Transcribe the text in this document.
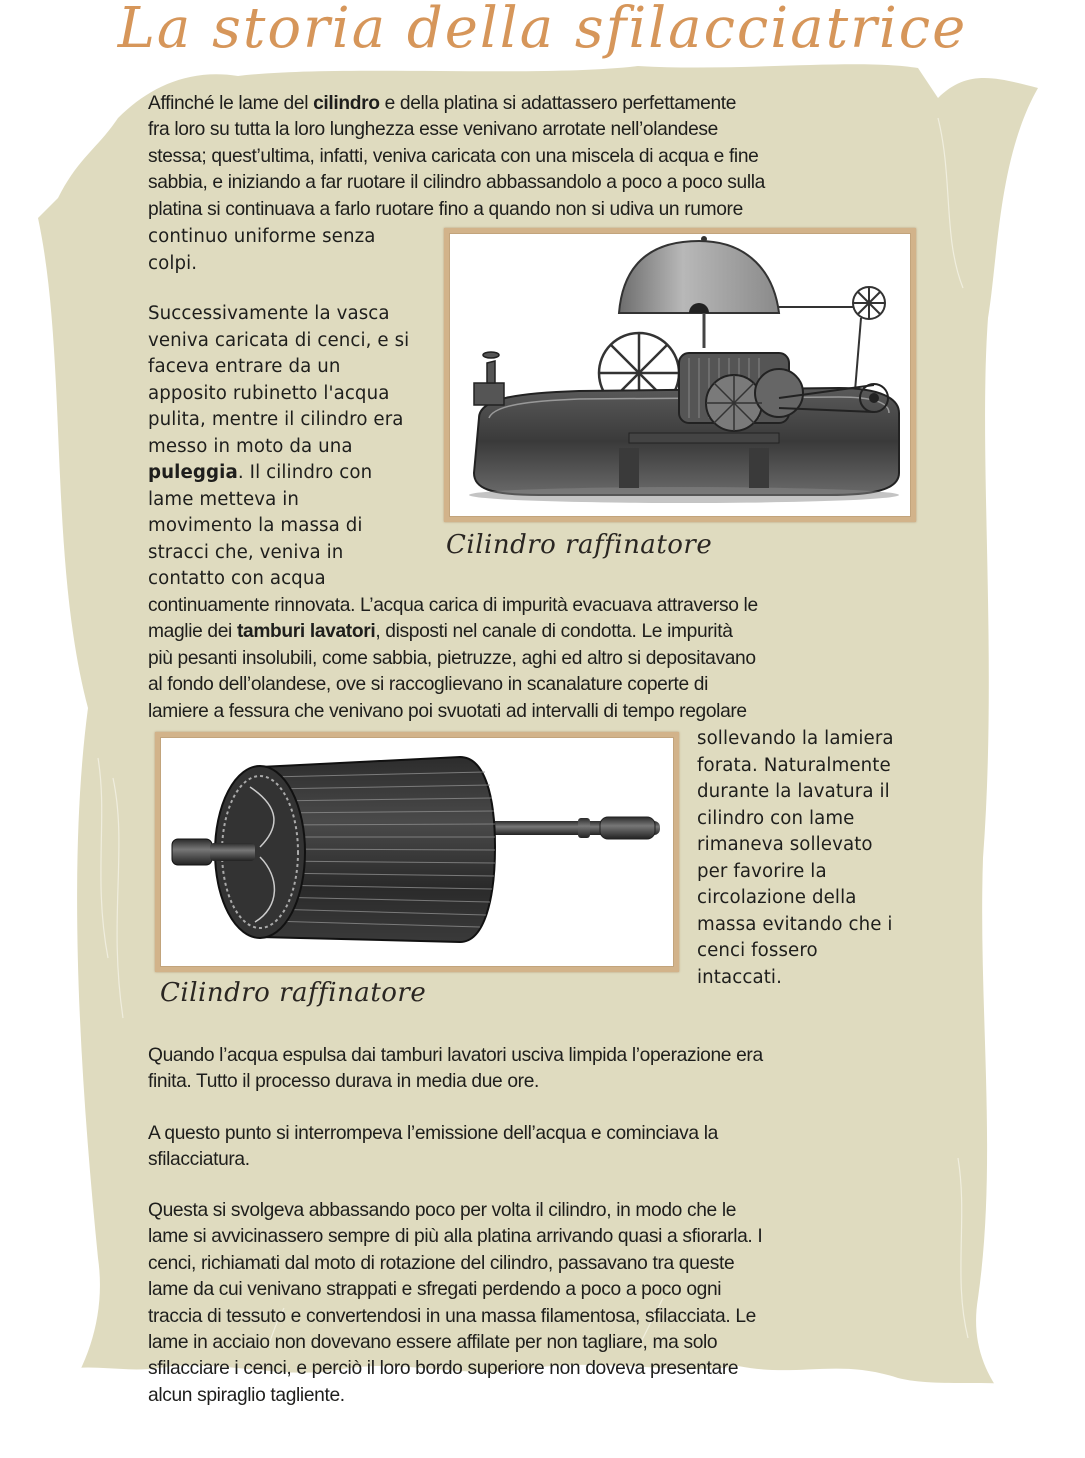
La storia della sfilacciatrice
Affinché le lame del cilindro e della platina si adattassero perfettamente
fra loro su tutta la loro lunghezza esse venivano arrotate nell’olandese
stessa; quest’ultima, infatti, veniva caricata con una miscela di acqua e fine
sabbia, e iniziando a far ruotare il cilindro abbassandolo a poco a poco sulla
platina si continuava a farlo ruotare fino a quando non si udiva un rumore
continuo uniforme senza
colpi.
Successivamente la vasca
veniva caricata di cenci, e si
faceva entrare da un
apposito rubinetto l'acqua
pulita, mentre il cilindro era
messo in moto da una
puleggia. Il cilindro con
lame metteva in
movimento la massa di
stracci che, veniva in
contatto con acqua
Cilindro raffinatore
continuamente rinnovata. L’acqua carica di impurità evacuava attraverso le
maglie dei tamburi lavatori, disposti nel canale di condotta. Le impurità
più pesanti insolubili, come sabbia, pietruzze, aghi ed altro si depositavano
al fondo dell’olandese, ove si raccoglievano in scanalature coperte di
lamiere a fessura che venivano poi svuotati ad intervalli di tempo regolare
Cilindro raffinatore
sollevando la lamiera
forata. Naturalmente
durante la lavatura il
cilindro con lame
rimaneva sollevato
per favorire la
circolazione della
massa evitando che i
cenci fossero
intaccati.
Quando l’acqua espulsa dai tamburi lavatori usciva limpida l’operazione era
finita. Tutto il processo durava in media due ore.
A questo punto si interrompeva l’emissione dell’acqua e cominciava la
sfilacciatura.
Questa si svolgeva abbassando poco per volta il cilindro, in modo che le
lame si avvicinassero sempre di più alla platina arrivando quasi a sfiorarla. I
cenci, richiamati dal moto di rotazione del cilindro, passavano tra queste
lame da cui venivano strappati e sfregati perdendo a poco a poco ogni
traccia di tessuto e convertendosi in una massa filamentosa, sfilacciata. Le
lame in acciaio non dovevano essere affilate per non tagliare, ma solo
sfilacciare i cenci, e perciò il loro bordo superiore non doveva presentare
alcun spiraglio tagliente.
